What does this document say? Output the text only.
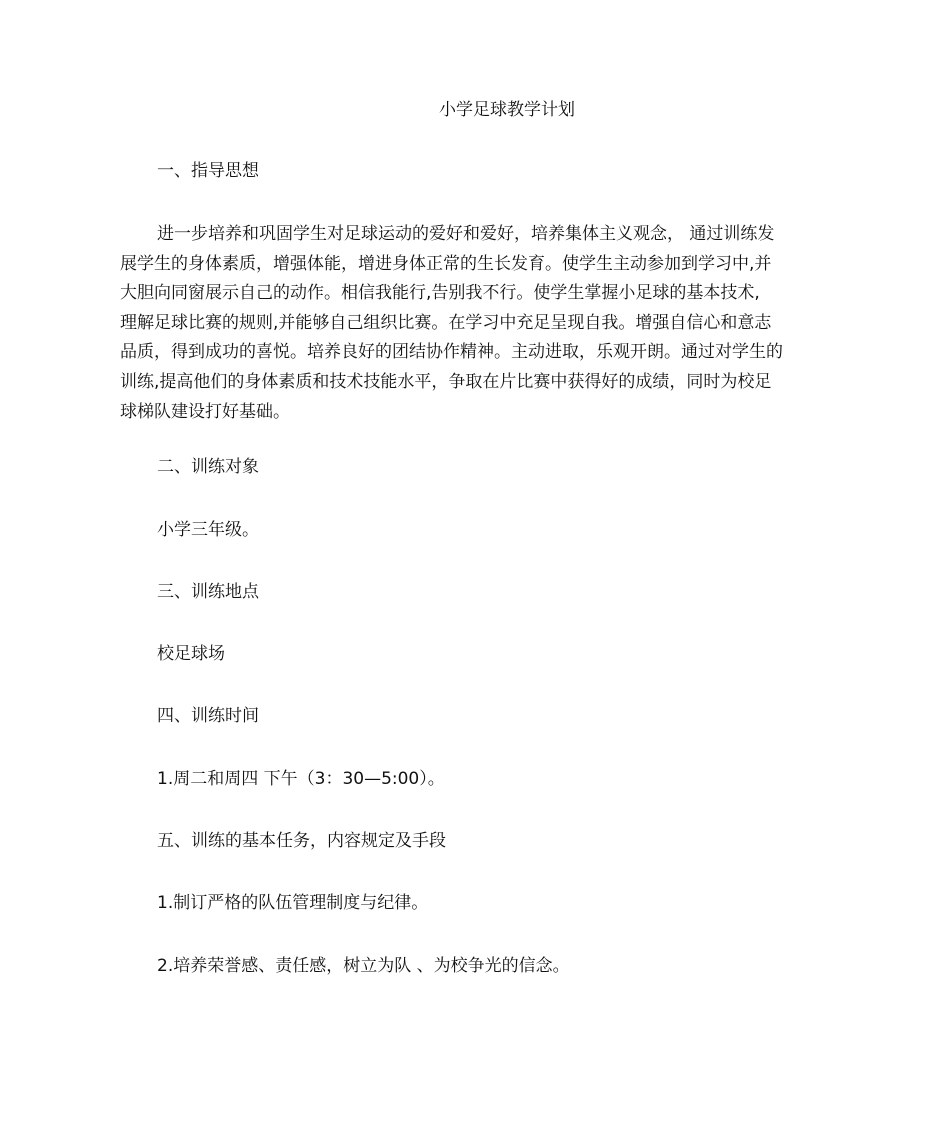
小学足球教学计划

一、指导思想

进一步培养和巩固学生对足球运动的爱好和爱好，培养集体主义观念， 通过训练发
展学生的身体素质，增强体能，增进身体正常的生长发育。使学生主动参加到学习中,并
大胆向同窗展示自己的动作。相信我能行,告别我不行。使学生掌握小足球的基本技术,
理解足球比赛的规则,并能够自己组织比赛。在学习中充足呈现自我。增强自信心和意志
品质，得到成功的喜悦。培养良好的团结协作精神。主动进取，乐观开朗。通过对学生的
训练,提高他们的身体素质和技术技能水平，争取在片比赛中获得好的成绩，同时为校足
球梯队建设打好基础。

二、训练对象

小学三年级。

三、训练地点

校足球场

四、训练时间

1.周二和周四 下午（3：30—5:00）。

五、训练的基本任务，内容规定及手段

1.制订严格的队伍管理制度与纪律。

2.培养荣誉感、责任感，树立为队 、为校争光的信念。
